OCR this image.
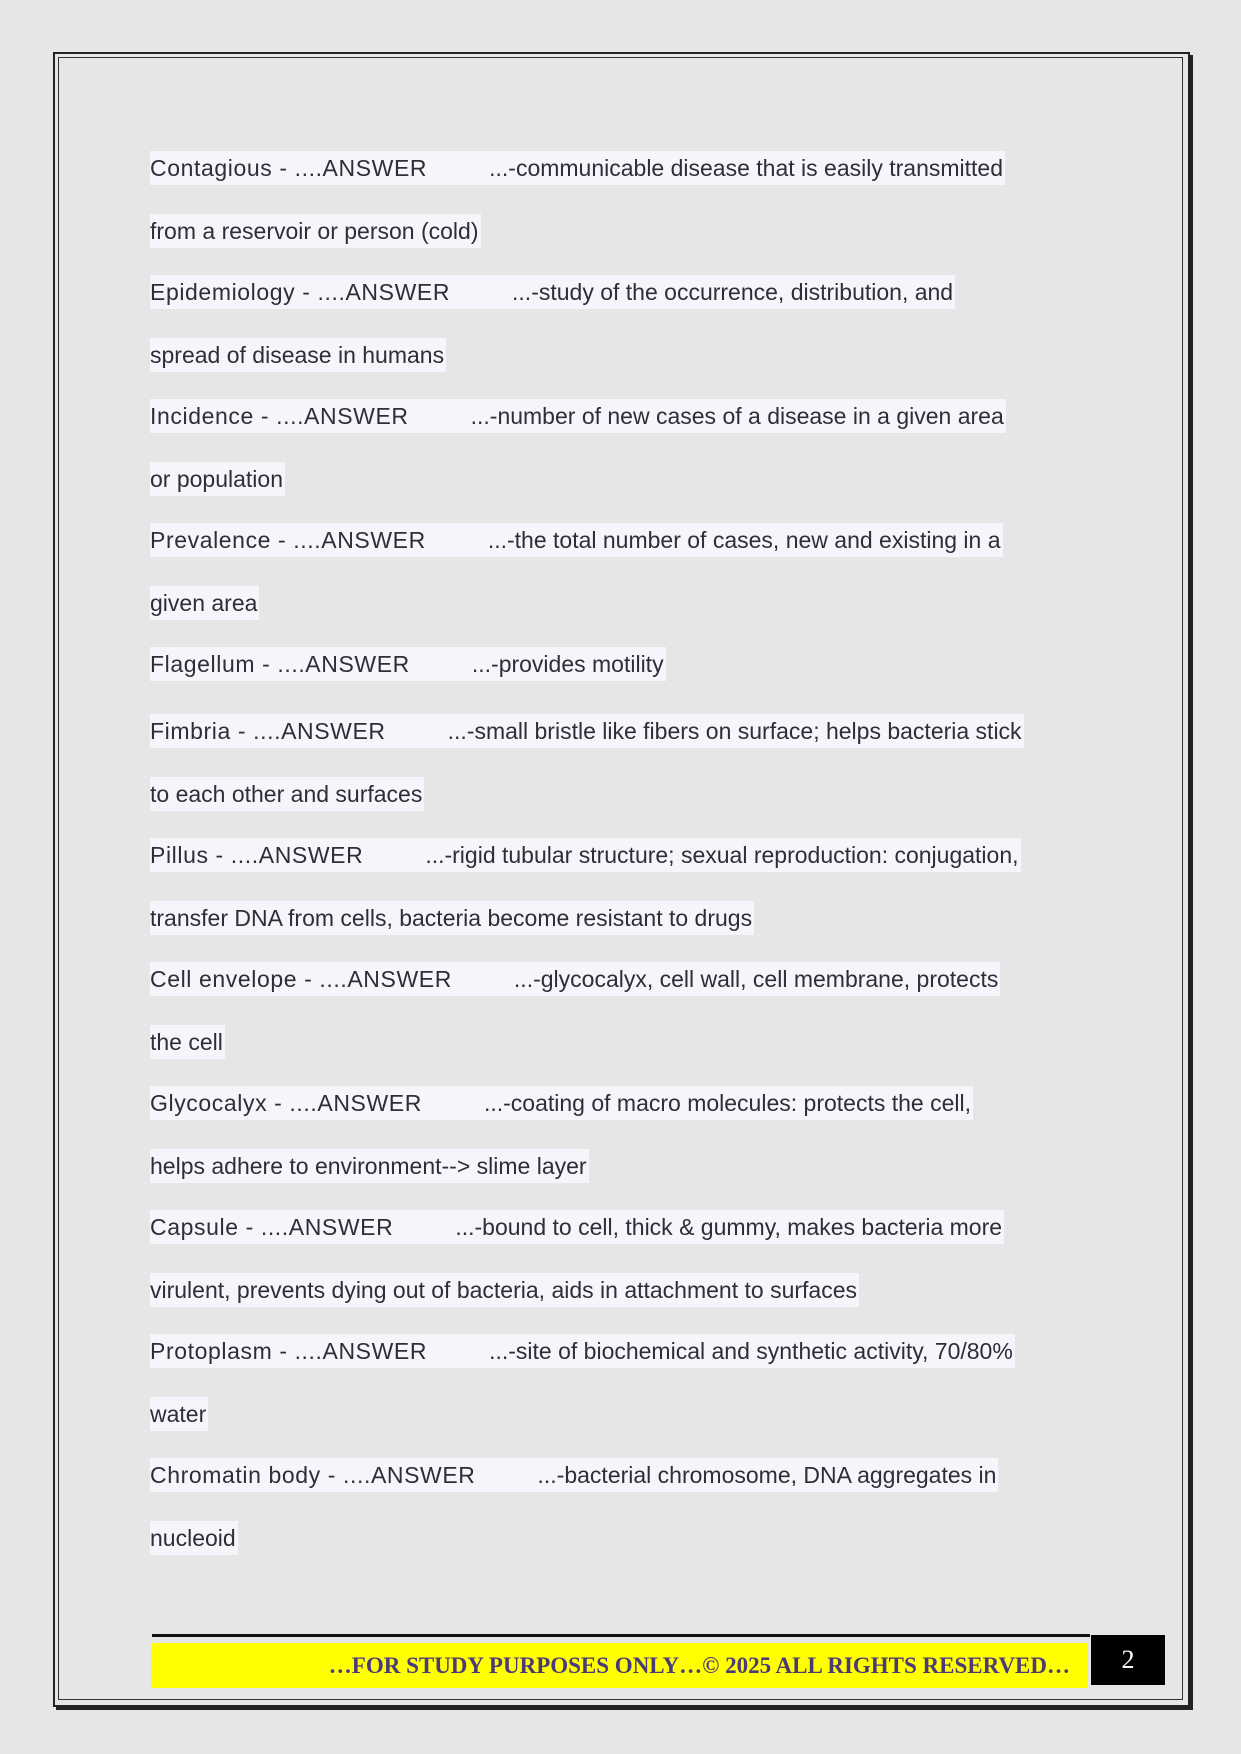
Contagious - ....ANSWER	...-communicable disease that is easily transmitted
from a reservoir or person (cold)
Epidemiology - ....ANSWER	...-study of the occurrence, distribution, and
spread of disease in humans
Incidence - ....ANSWER	...-number of new cases of a disease in a given area
or population
Prevalence - ....ANSWER	...-the total number of cases, new and existing in a
given area
Flagellum - ....ANSWER	...-provides motility
Fimbria - ....ANSWER	...-small bristle like fibers on surface; helps bacteria stick
to each other and surfaces
Pillus - ....ANSWER	...-rigid tubular structure; sexual reproduction: conjugation,
transfer DNA from cells, bacteria become resistant to drugs
Cell envelope - ....ANSWER	...-glycocalyx, cell wall, cell membrane, protects
the cell
Glycocalyx - ....ANSWER	...-coating of macro molecules: protects the cell,
helps adhere to environment--> slime layer
Capsule - ....ANSWER	...-bound to cell, thick & gummy, makes bacteria more
virulent, prevents dying out of bacteria, aids in attachment to surfaces
Protoplasm - ....ANSWER	...-site of biochemical and synthetic activity, 70/80%
water
Chromatin body - ....ANSWER	...-bacterial chromosome, DNA aggregates in
nucleoid
…FOR STUDY PURPOSES ONLY…© 2025 ALL RIGHTS RESERVED…	2
